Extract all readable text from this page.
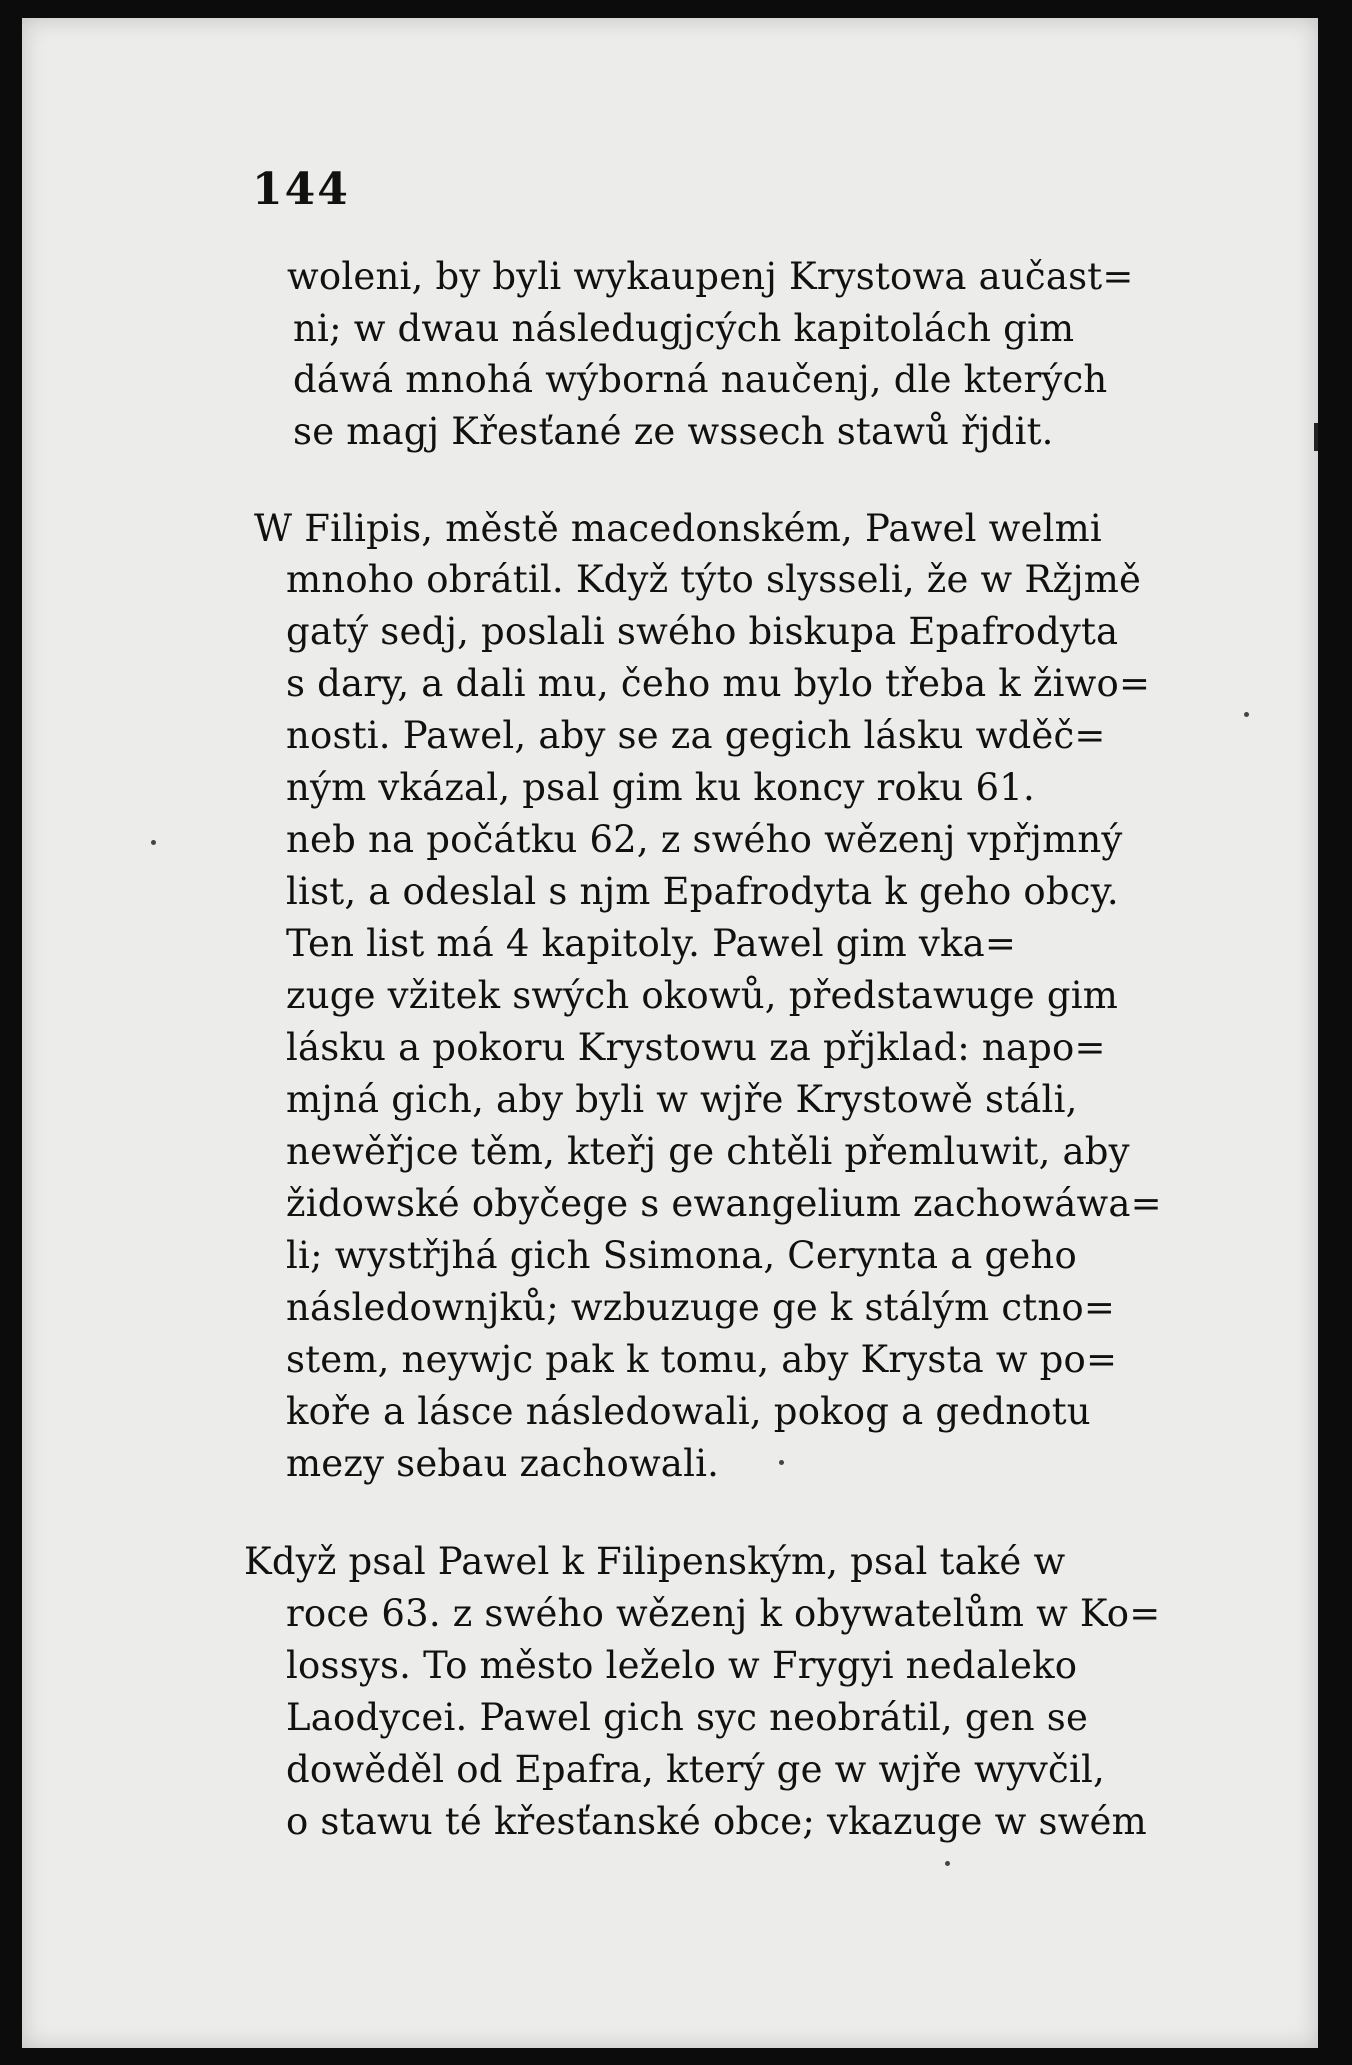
144
woleni, by byli wykaupenj Krystowa aučast=
ni; w dwau následugjcých kapitolách gim
dáwá mnohá wýborná naučenj, dle kterých
se magj Křesťané ze wssech stawů řjdit.
W Filipis, městě macedonském, Pawel welmi
mnoho obrátil. Když týto slysseli, že w Ržjmě
gatý sedj, poslali swého biskupa Epafrodyta
s dary, a dali mu, čeho mu bylo třeba k žiwo=
nosti. Pawel, aby se za gegich lásku wděč=
ným vkázal, psal gim ku koncy roku 61.
neb na počátku 62, z swého wězenj vpřjmný
list, a odeslal s njm Epafrodyta k geho obcy.
Ten list má 4 kapitoly. Pawel gim vka=
zuge vžitek swých okowů, předstawuge gim
lásku a pokoru Krystowu za přjklad: napo=
mjná gich, aby byli w wjře Krystowě stáli,
newěřjce těm, kteřj ge chtěli přemluwit, aby
židowské obyčege s ewangelium zachowáwa=
li; wystřjhá gich Ssimona, Cerynta a geho
následownjků; wzbuzuge ge k stálým ctno=
stem, neywjc pak k tomu, aby Krysta w po=
koře a lásce následowali, pokog a gednotu
mezy sebau zachowali.
Když psal Pawel k Filipenským, psal také w
roce 63. z swého wězenj k obywatelům w Ko=
lossys. To město leželo w Frygyi nedaleko
Laodycei. Pawel gich syc neobrátil, gen se
dowěděl od Epafra, který ge w wjře wyvčil,
o stawu té křesťanské obce; vkazuge w swém
